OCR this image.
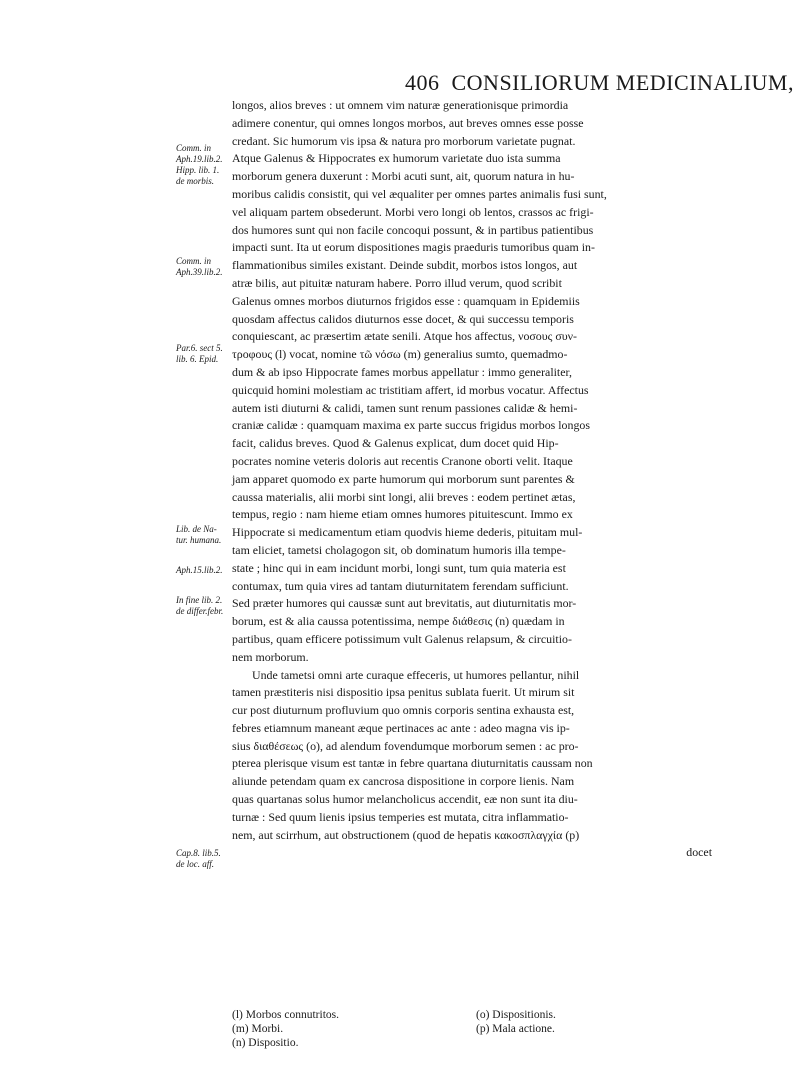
406 CONSILIORUM MEDICINALIUM,
Comm. in
Aph.19.lib.2.
Hipp. lib. 1.
de morbis.
Comm. in
Aph.39.lib.2.
Par.6. sect 5.
lib. 6. Epid.
Lib. de Na-
tur. humana.
Aph.15.lib.2.
In fine lib. 2.
de differ.febr.
Cap.8. lib.5.
de loc. aff.
longos, alios breves : ut omnem vim naturæ generationisque primordia
adimere conentur, qui omnes longos morbos, aut breves omnes esse posse
credant. Sic humorum vis ipsa & natura pro morborum varietate pugnat.
Atque Galenus & Hippocrates ex humorum varietate duo ista summa
morborum genera duxerunt : Morbi acuti sunt, ait, quorum natura in hu-
moribus calidis consistit, qui vel æqualiter per omnes partes animalis fusi sunt,
vel aliquam partem obsederunt. Morbi vero longi ob lentos, crassos ac frigi-
dos humores sunt qui non facile concoqui possunt, & in partibus patientibus
impacti sunt. Ita ut eorum dispositiones magis praeduris tumoribus quam in-
flammationibus similes existant. Deinde subdit, morbos istos longos, aut
atræ bilis, aut pituitæ naturam habere. Porro illud verum, quod scribit
Galenus omnes morbos diuturnos frigidos esse : quamquam in Epidemiis
quosdam affectus calidos diuturnos esse docet, & qui successu temporis
conquiescant, ac præsertim ætate senili. Atque hos affectus, νοσους συν-
τροφους (l) vocat, nomine τῶ νόσω (m) generalius sumto, quemadmo-
dum & ab ipso Hippocrate fames morbus appellatur : immo generaliter,
quicquid homini molestiam ac tristitiam affert, id morbus vocatur. Affectus
autem isti diuturni & calidi, tamen sunt renum passiones calidæ & hemi-
craniæ calidæ : quamquam maxima ex parte succus frigidus morbos longos
facit, calidus breves. Quod & Galenus explicat, dum docet quid Hip-
pocrates nomine veteris doloris aut recentis Cranone oborti velit. Itaque
jam apparet quomodo ex parte humorum qui morborum sunt parentes &
caussa materialis, alii morbi sint longi, alii breves : eodem pertinet ætas,
tempus, regio : nam hieme etiam omnes humores pituitescunt. Immo ex
Hippocrate si medicamentum etiam quodvis hieme dederis, pituitam mul-
tam eliciet, tametsi cholagogon sit, ob dominatum humoris illa tempe-
state ; hinc qui in eam incidunt morbi, longi sunt, tum quia materia est
contumax, tum quia vires ad tantam diuturnitatem ferendam sufficiunt.
Sed præter humores qui caussæ sunt aut brevitatis, aut diuturnitatis mor-
borum, est & alia caussa potentissima, nempe διάθεσις (n) quædam in
partibus, quam efficere potissimum vult Galenus relapsum, & circuitio-
nem morborum.
Unde tametsi omni arte curaque effeceris, ut humores pellantur, nihil
tamen præstiteris nisi dispositio ipsa penitus sublata fuerit. Ut mirum sit
cur post diuturnum profluvium quo omnis corporis sentina exhausta est,
febres etiamnum maneant æque pertinaces ac ante : adeo magna vis ip-
sius διαθέσεως (o), ad alendum fovendumque morborum semen : ac pro-
pterea plerisque visum est tantæ in febre quartana diuturnitatis caussam non
aliunde petendam quam ex cancrosa dispositione in corpore lienis. Nam
quas quartanas solus humor melancholicus accendit, eæ non sunt ita diu-
turnæ : Sed quum lienis ipsius temperies est mutata, citra inflammatio-
nem, aut scirrhum, aut obstructionem (quod de hepatis κακοσπλαγχία (p)
docet
(l) Morbos connutritos.
(m) Morbi.
(n) Dispositio.
(o) Dispositionis.
(p) Mala actione.
